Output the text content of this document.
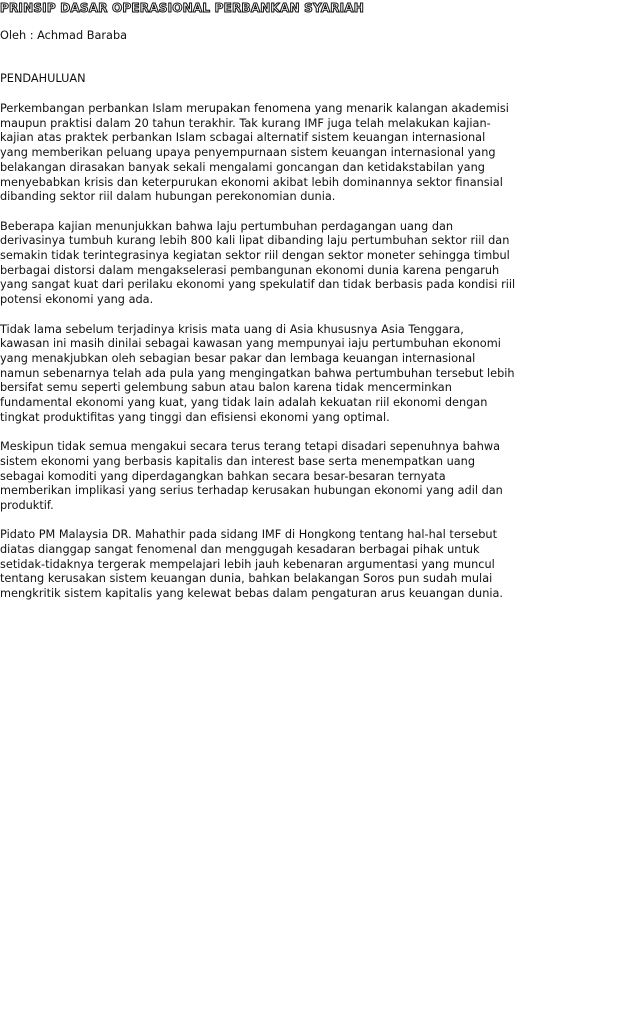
PRINSIP DASAR OPERASIONAL PERBANKAN SYARIAH

Oleh : Achmad Baraba

PENDAHULUAN

Perkembangan perbankan Islam merupakan fenomena yang menarik kalangan akademisi
maupun praktisi dalam 20 tahun terakhir. Tak kurang IMF juga telah melakukan kajian-
kajian atas praktek perbankan Islam scbagai alternatif sistem keuangan internasional
yang memberikan peluang upaya penyempurnaan sistem keuangan internasional yang
belakangan dirasakan banyak sekali mengalami goncangan dan ketidakstabilan yang
menyebabkan krisis dan keterpurukan ekonomi akibat lebih dominannya sektor finansial
dibanding sektor riil dalam hubungan perekonomian dunia.

Beberapa kajian menunjukkan bahwa laju pertumbuhan perdagangan uang dan
derivasinya tumbuh kurang lebih 800 kali lipat dibanding laju pertumbuhan sektor riil dan
semakin tidak terintegrasinya kegiatan sektor riil dengan sektor moneter sehingga timbul
berbagai distorsi dalam mengakselerasi pembangunan ekonomi dunia karena pengaruh
yang sangat kuat dari perilaku ekonomi yang spekulatif dan tidak berbasis pada kondisi riil
potensi ekonomi yang ada.

Tidak lama sebelum terjadinya krisis mata uang di Asia khususnya Asia Tenggara,
kawasan ini masih dinilai sebagai kawasan yang mempunyai iaju pertumbuhan ekonomi
yang menakjubkan oleh sebagian besar pakar dan lembaga keuangan internasional
namun sebenarnya telah ada pula yang mengingatkan bahwa pertumbuhan tersebut lebih
bersifat semu seperti gelembung sabun atau balon karena tidak mencerminkan
fundamental ekonomi yang kuat, yang tidak lain adalah kekuatan riil ekonomi dengan
tingkat produktifitas yang tinggi dan efisiensi ekonomi yang optimal.

Meskipun tidak semua mengakui secara terus terang tetapi disadari sepenuhnya bahwa
sistem ekonomi yang berbasis kapitalis dan interest base serta menempatkan uang
sebagai komoditi yang diperdagangkan bahkan secara besar-besaran ternyata
memberikan implikasi yang serius terhadap kerusakan hubungan ekonomi yang adil dan
produktif.

Pidato PM Malaysia DR. Mahathir pada sidang IMF di Hongkong tentang hal-hal tersebut
diatas dianggap sangat fenomenal dan menggugah kesadaran berbagai pihak untuk
setidak-tidaknya tergerak mempelajari lebih jauh kebenaran argumentasi yang muncul
tentang kerusakan sistem keuangan dunia, bahkan belakangan Soros pun sudah mulai
mengkritik sistem kapitalis yang kelewat bebas dalam pengaturan arus keuangan dunia.
